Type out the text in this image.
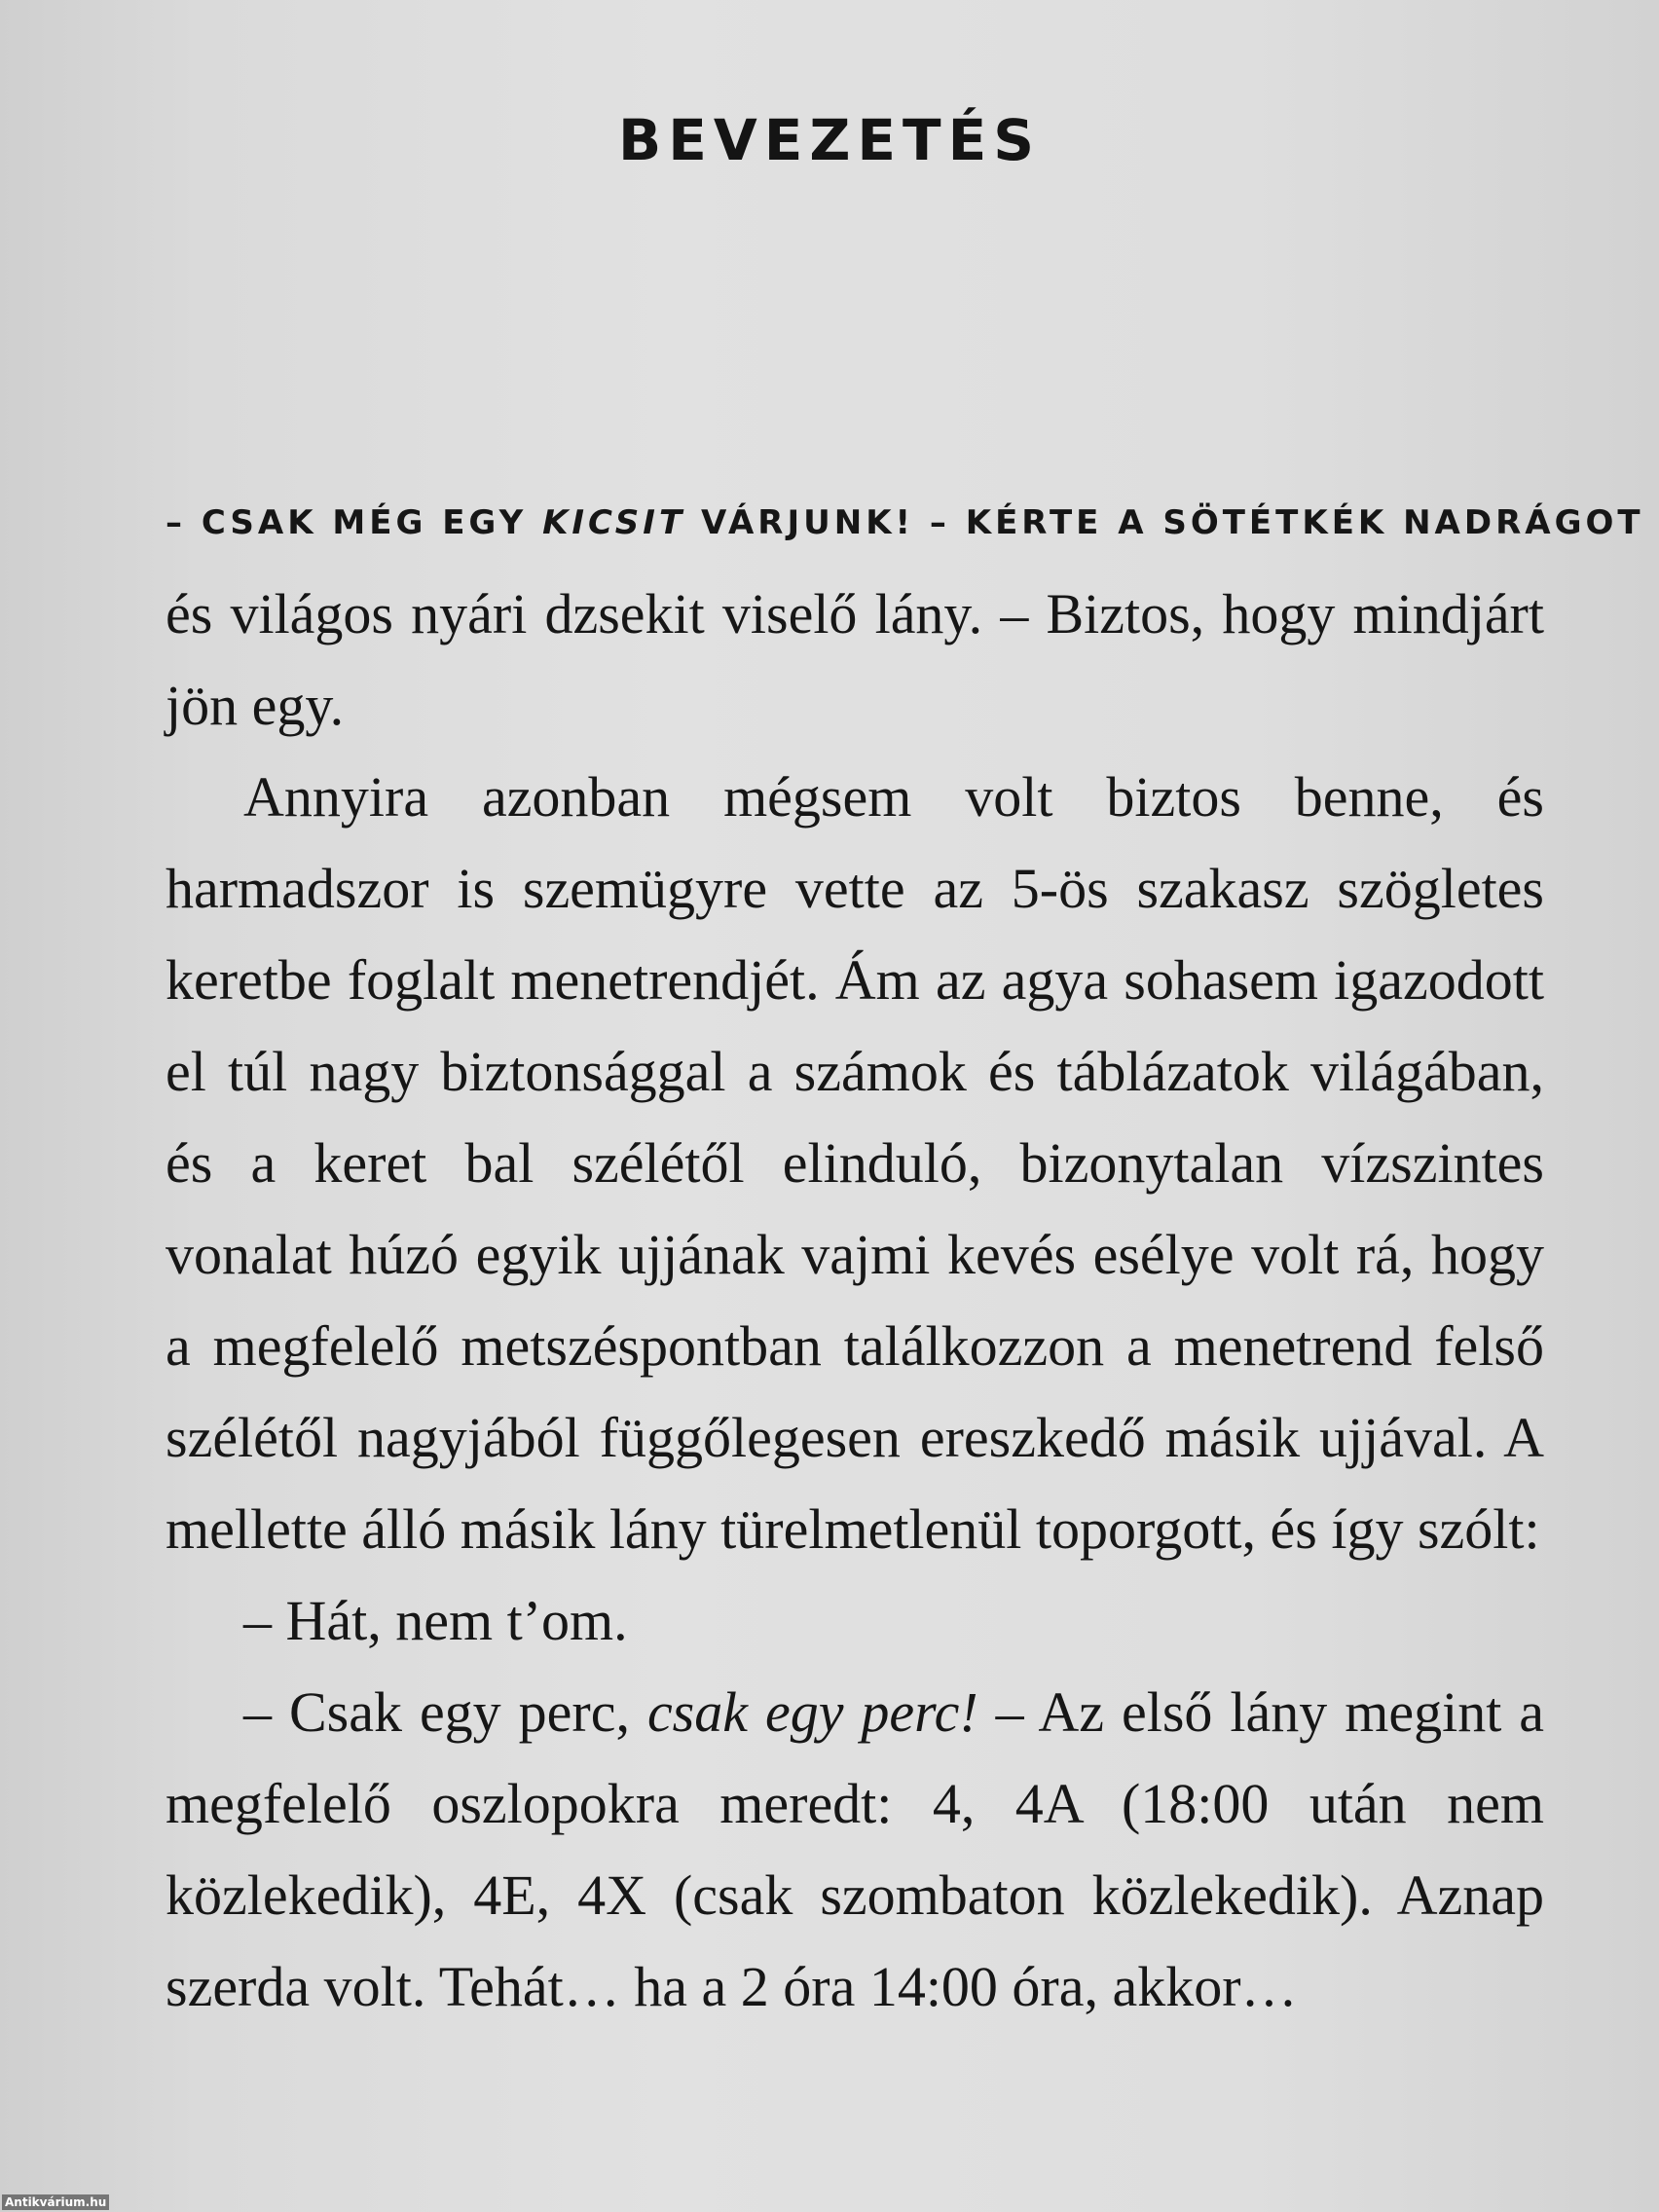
BEVEZETÉS
– CSAK MÉG EGY KICSIT VÁRJUNK! – KÉRTE A SÖTÉTKÉK NADRÁGOT

és világos nyári dzsekit viselő lány. – Biztos, hogy mindjárt jön egy.

Annyira azonban mégsem volt biztos benne, és harmadszor is szemügyre vette az 5-ös szakasz szögletes keretbe foglalt menetrendjét. Ám az agya sohasem igazodott el túl nagy biztonsággal a számok és táblázatok világában, és a keret bal szélétől elinduló, bizonytalan vízszintes vonalat húzó egyik ujjának vajmi kevés esélye volt rá, hogy a megfelelő metszéspontban találkozzon a menetrend felső szélétől nagyjából függőlegesen ereszkedő másik ujjával. A mellette álló másik lány türelmetlenül toporgott, és így szólt:

– Hát, nem t’om.

– Csak egy perc, csak egy perc! – Az első lány megint a megfelelő oszlopokra meredt: 4, 4A (18:00 után nem közlekedik), 4E, 4X (csak szombaton közlekedik). Aznap szerda volt. Tehát… ha a 2 óra 14:00 óra, akkor…

Antikvárium.hu
